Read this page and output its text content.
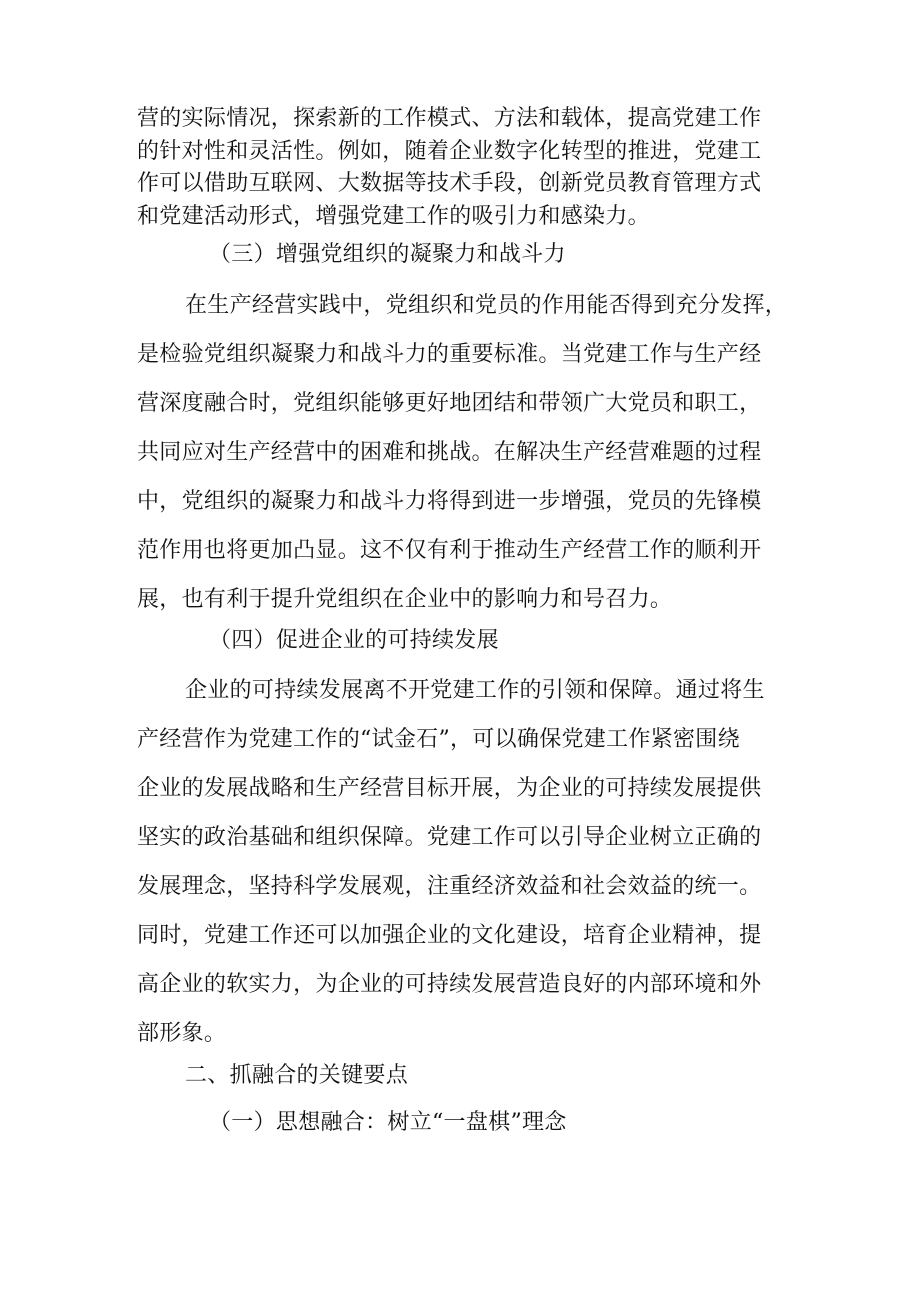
营的实际情况，探索新的工作模式、方法和载体，提高党建工作
的针对性和灵活性。例如，随着企业数字化转型的推进，党建工
作可以借助互联网、大数据等技术手段，创新党员教育管理方式
和党建活动形式，增强党建工作的吸引力和感染力。
（三）增强党组织的凝聚力和战斗力
在生产经营实践中，党组织和党员的作用能否得到充分发挥，
是检验党组织凝聚力和战斗力的重要标准。当党建工作与生产经
营深度融合时，党组织能够更好地团结和带领广大党员和职工，
共同应对生产经营中的困难和挑战。在解决生产经营难题的过程
中，党组织的凝聚力和战斗力将得到进一步增强，党员的先锋模
范作用也将更加凸显。这不仅有利于推动生产经营工作的顺利开
展，也有利于提升党组织在企业中的影响力和号召力。
（四）促进企业的可持续发展
企业的可持续发展离不开党建工作的引领和保障。通过将生
产经营作为党建工作的“试金石”，可以确保党建工作紧密围绕
企业的发展战略和生产经营目标开展，为企业的可持续发展提供
坚实的政治基础和组织保障。党建工作可以引导企业树立正确的
发展理念，坚持科学发展观，注重经济效益和社会效益的统一。
同时，党建工作还可以加强企业的文化建设，培育企业精神，提
高企业的软实力，为企业的可持续发展营造良好的内部环境和外
部形象。
二、抓融合的关键要点
（一）思想融合：树立“一盘棋”理念
